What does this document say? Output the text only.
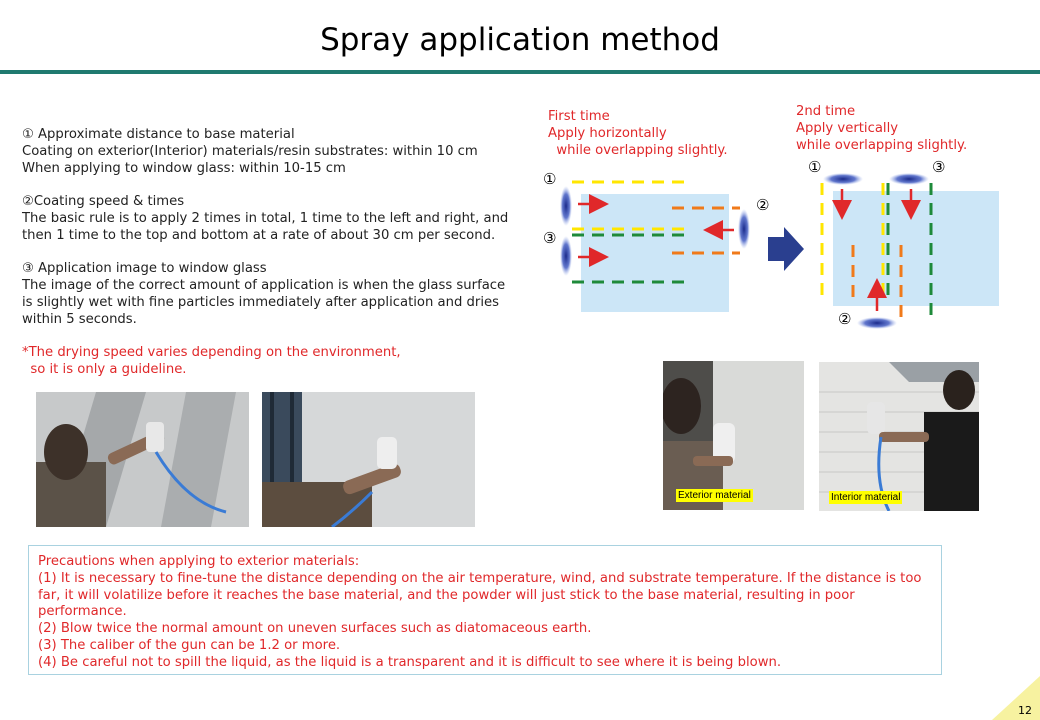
Spray application method
① Approximate distance to base material
Coating on exterior(Interior) materials/resin substrates: within 10 cm
When applying to window glass: within 10-15 cm
②Coating speed & times
The basic rule is to apply 2 times in total, 1 time to the left and right, and
then 1 time to the top and bottom at a rate of about 30 cm per second.
③ Application image to window glass
The image of the correct amount of application is when the glass surface
is slightly wet with fine particles immediately after application and dries
within 5 seconds.
*The drying speed varies depending on the environment,
so it is only a guideline.
First time
Apply horizontally
while overlapping slightly.
①
②
③
2nd time
Apply vertically
while overlapping slightly.
①	③
②
Exterior material	Interior material
Precautions when applying to exterior materials:
(1) It is necessary to fine-tune the distance depending on the air temperature, wind, and substrate temperature. If the distance is too far, it will volatilize before it reaches the base material, and the powder will just stick to the base material, resulting in poor performance.
(2) Blow twice the normal amount on uneven surfaces such as diatomaceous earth.
(3) The caliber of the gun can be 1.2 or more.
(4) Be careful not to spill the liquid, as the liquid is a transparent and it is difficult to see where it is being blown.
12
